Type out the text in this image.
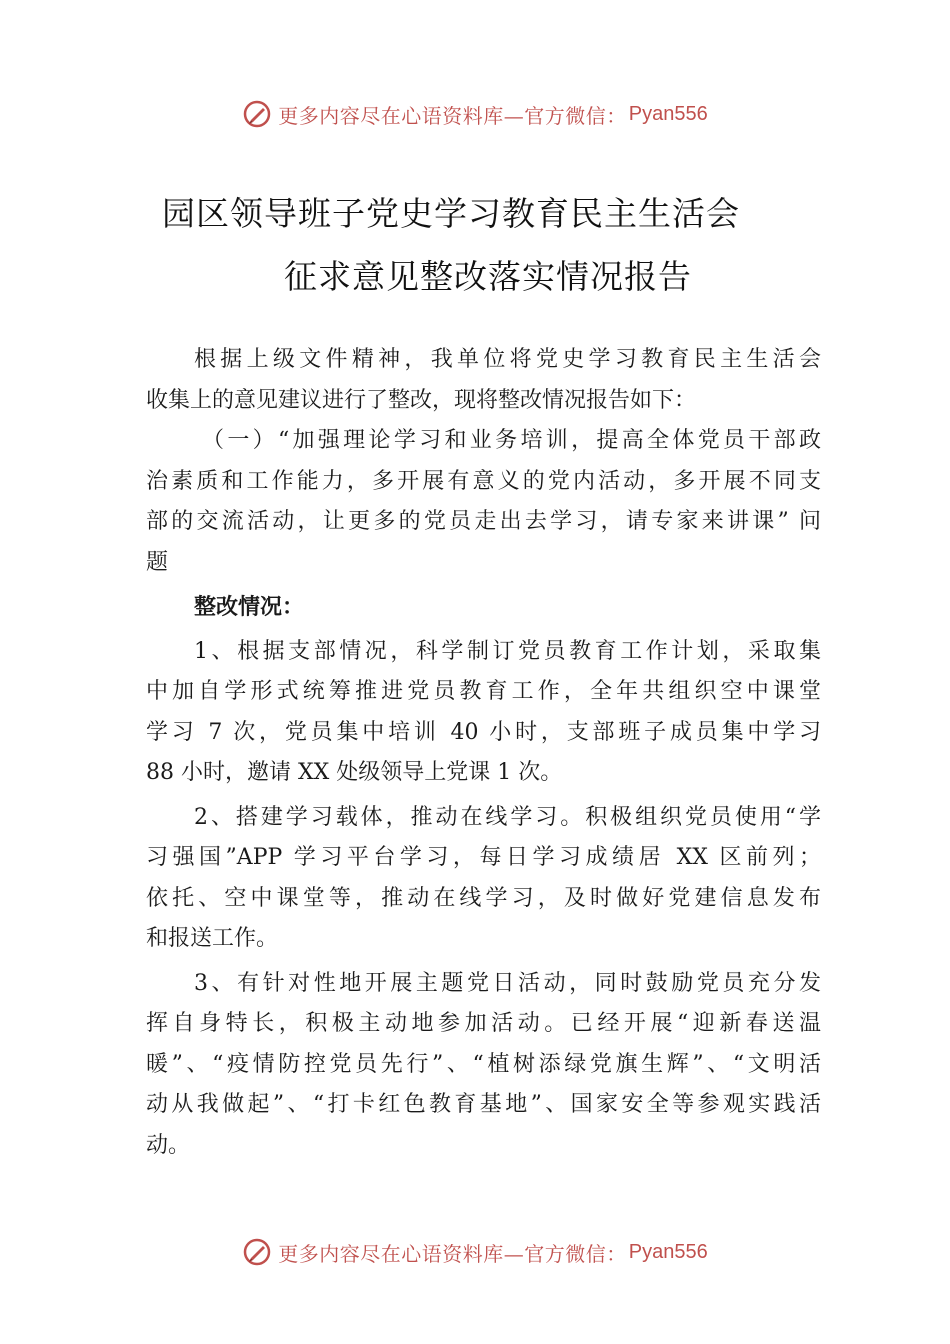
更多内容尽在心语资料库—官方微信： Pyan556
园区领导班子党史学习教育民主生活会
征求意见整改落实情况报告
根据上级文件精神，我单位将党史学习教育民主生活会
收集上的意见建议进行了整改，现将整改情况报告如下：
（一）“加强理论学习和业务培训，提高全体党员干部政
治素质和工作能力，多开展有意义的党内活动，多开展不同支
部的交流活动，让更多的党员走出去学习，请专家来讲课” 问
题
整改情况：
1、根据支部情况，科学制订党员教育工作计划，采取集
中加自学形式统筹推进党员教育工作，全年共组织空中课堂
学习 7 次，党员集中培训 40 小时，支部班子成员集中学习
88 小时，邀请 XX 处级领导上党课 1 次。
2、搭建学习载体，推动在线学习。积极组织党员使用“学
习强国”APP 学习平台学习，每日学习成绩居 XX 区前列；
依托、空中课堂等，推动在线学习，及时做好党建信息发布
和报送工作。
3、有针对性地开展主题党日活动，同时鼓励党员充分发
挥自身特长，积极主动地参加活动。已经开展“迎新春送温
暖”、“疫情防控党员先行”、“植树添绿党旗生辉”、“文明活
动从我做起”、“打卡红色教育基地”、国家安全等参观实践活
动。
更多内容尽在心语资料库—官方微信： Pyan556
